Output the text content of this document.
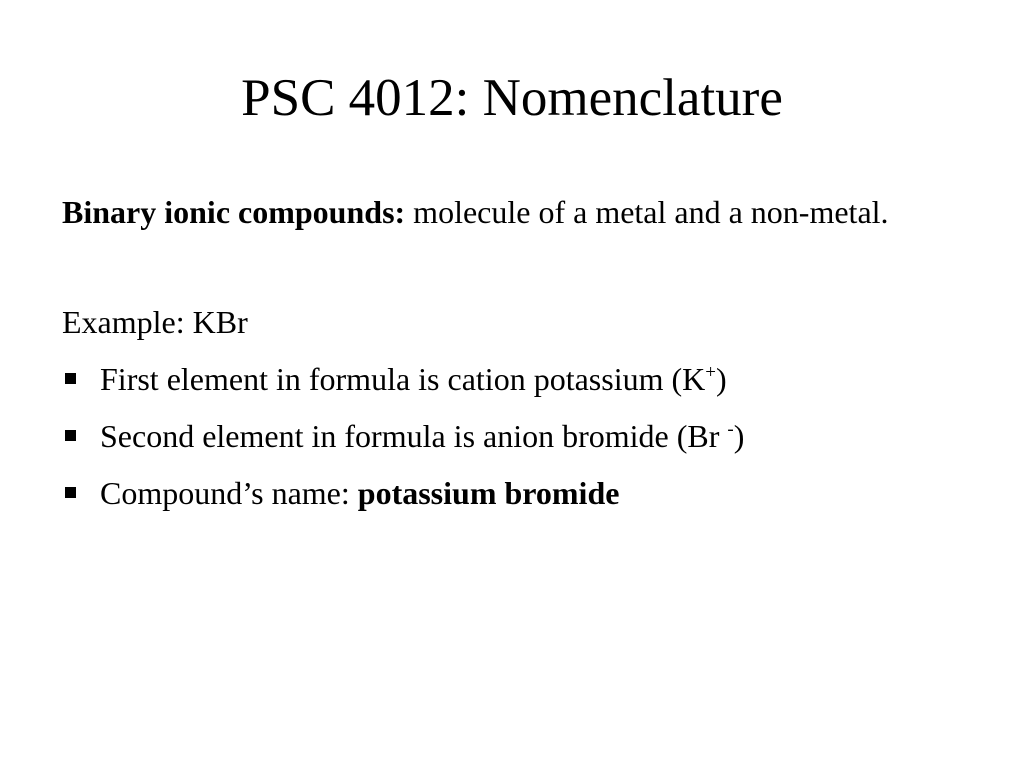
PSC 4012: Nomenclature

Binary ionic compounds: molecule of a metal and a non-metal.

Example: KBr

First element in formula is cation potassium (K+)
Second element in formula is anion bromide (Br -)
Compound’s name: potassium bromide
